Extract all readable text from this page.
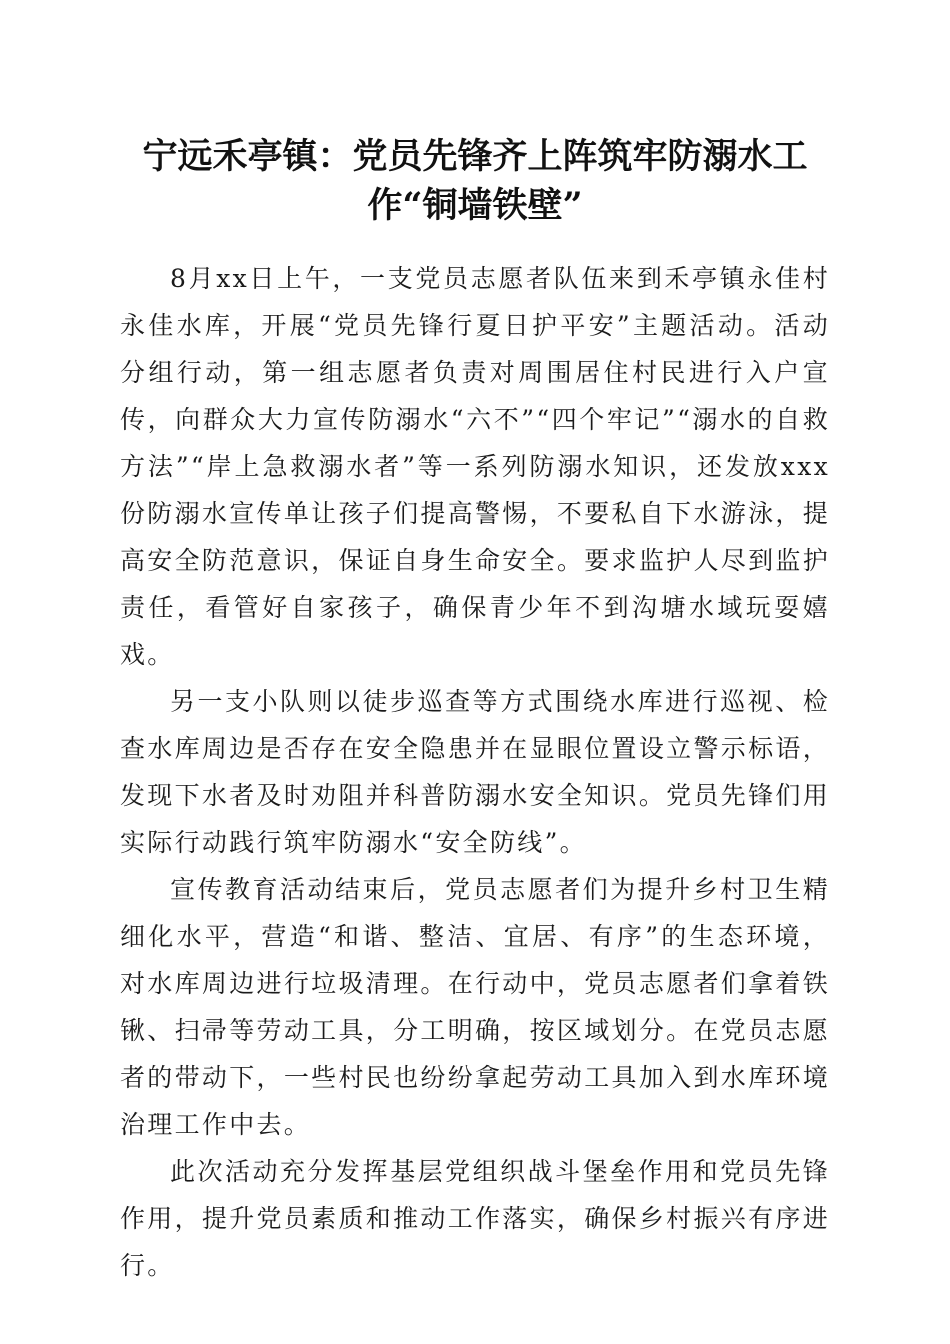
宁远禾亭镇：党员先锋齐上阵筑牢防溺水工作“铜墙铁壁”

8月xx日上午，一支党员志愿者队伍来到禾亭镇永佳村永佳水库，开展“党员先锋行夏日护平安”主题活动。活动分组行动，第一组志愿者负责对周围居住村民进行入户宣传，向群众大力宣传防溺水“六不”“四个牢记”“溺水的自救方法”“岸上急救溺水者”等一系列防溺水知识，还发放xxx份防溺水宣传单让孩子们提高警惕，不要私自下水游泳，提高安全防范意识，保证自身生命安全。要求监护人尽到监护责任，看管好自家孩子，确保青少年不到沟塘水域玩耍嬉戏。

另一支小队则以徒步巡查等方式围绕水库进行巡视、检查水库周边是否存在安全隐患并在显眼位置设立警示标语，发现下水者及时劝阻并科普防溺水安全知识。党员先锋们用实际行动践行筑牢防溺水“安全防线”。

宣传教育活动结束后，党员志愿者们为提升乡村卫生精细化水平，营造“和谐、整洁、宜居、有序”的生态环境，对水库周边进行垃圾清理。在行动中，党员志愿者们拿着铁锹、扫帚等劳动工具，分工明确，按区域划分。在党员志愿者的带动下，一些村民也纷纷拿起劳动工具加入到水库环境治理工作中去。

此次活动充分发挥基层党组织战斗堡垒作用和党员先锋作用，提升党员素质和推动工作落实，确保乡村振兴有序进行。
